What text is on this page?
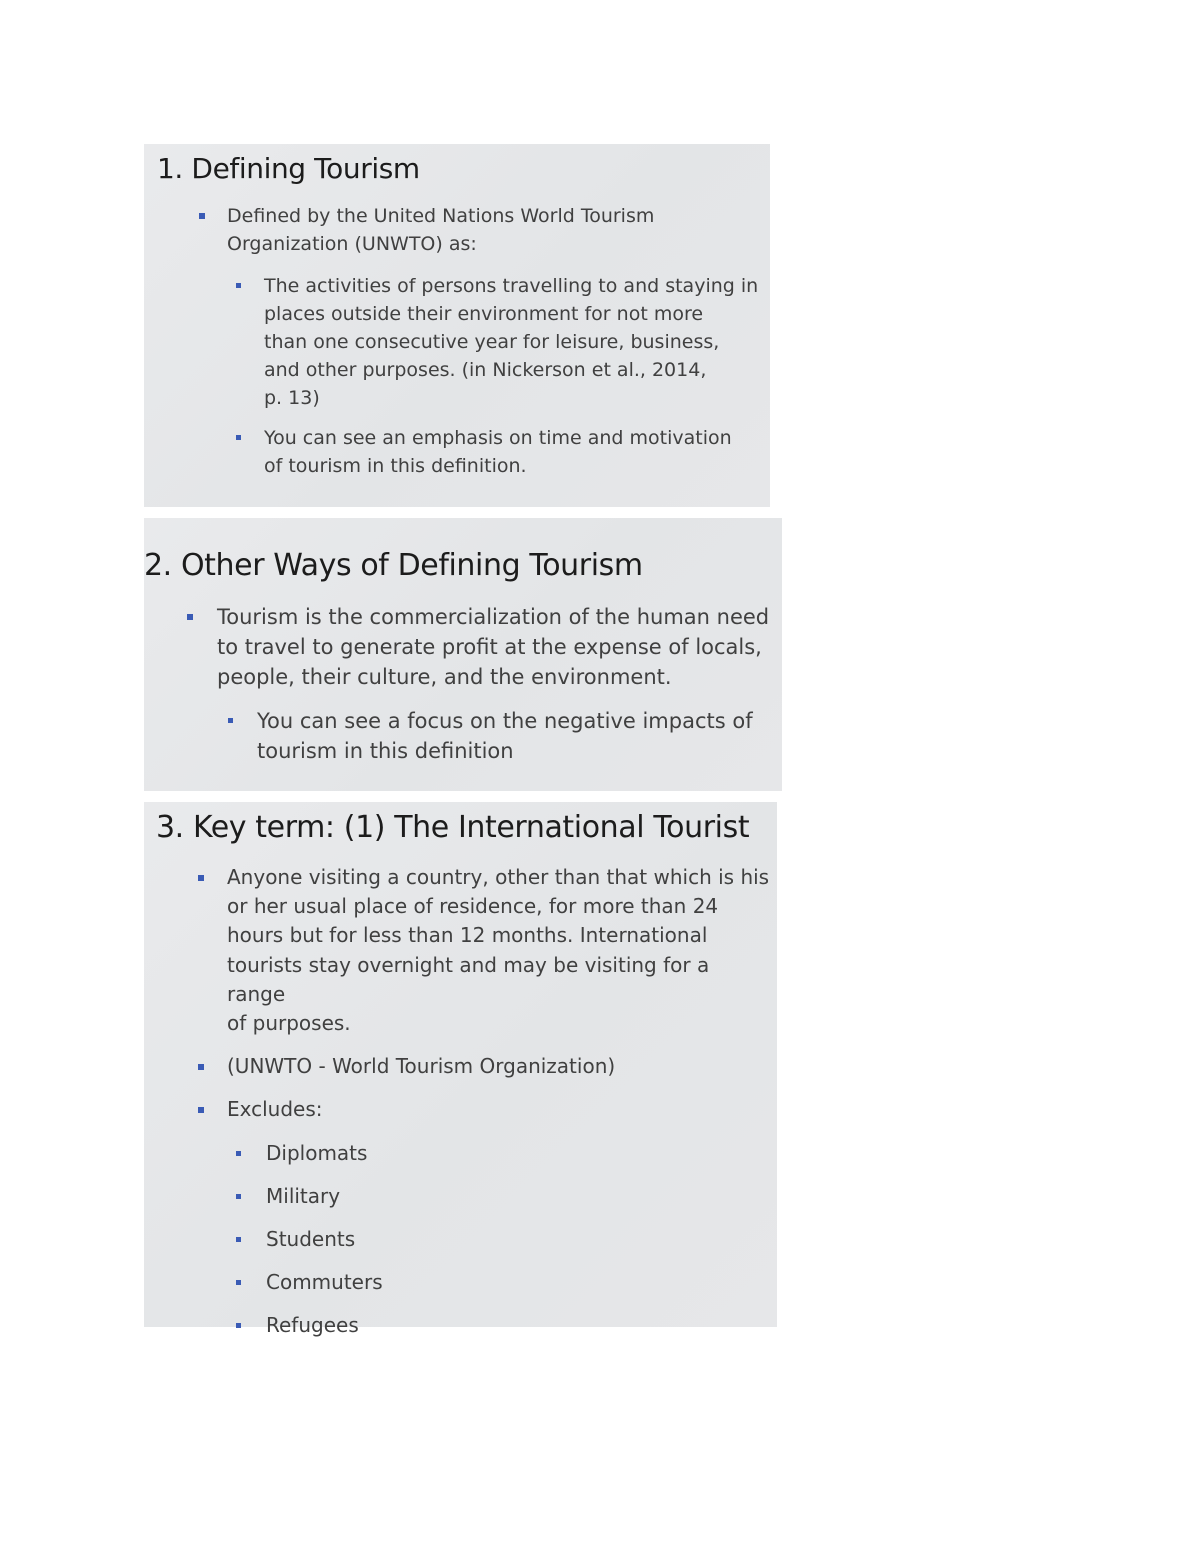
1. Defining Tourism
Defined by the United Nations World Tourism
Organization (UNWTO) as:
The activities of persons travelling to and staying in
places outside their environment for not more
than one consecutive year for leisure, business,
and other purposes. (in Nickerson et al., 2014,
p. 13)
You can see an emphasis on time and motivation
of tourism in this definition.
2. Other Ways of Defining Tourism
Tourism is the commercialization of the human need
to travel to generate profit at the expense of locals,
people, their culture, and the environment.
You can see a focus on the negative impacts of
tourism in this definition
3. Key term: (1) The International Tourist
Anyone visiting a country, other than that which is his
or her usual place of residence, for more than 24
hours but for less than 12 months. International
tourists stay overnight and may be visiting for a range
of purposes.
(UNWTO - World Tourism Organization)
Excludes:
Diplomats
Military
Students
Commuters
Refugees
